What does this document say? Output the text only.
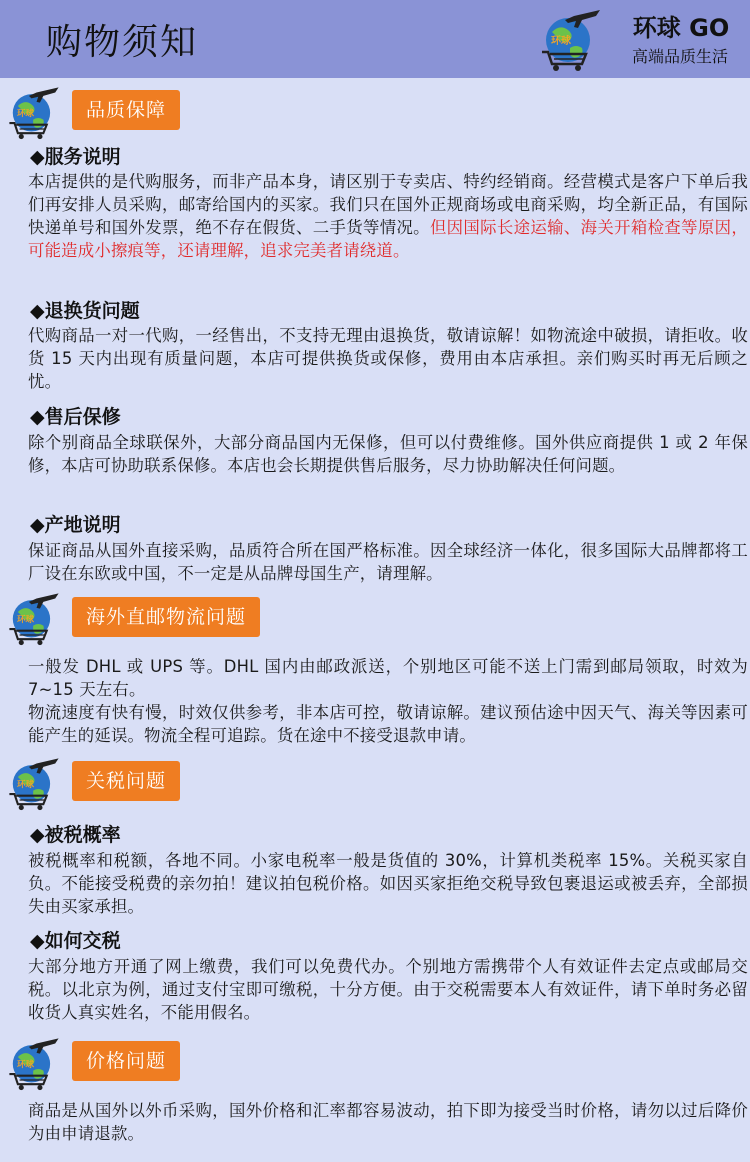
购物须知	环球 GO
高端品质生活
品质保障
◆服务说明
本店提供的是代购服务，而非产品本身，请区别于专卖店、特约经销商。经营模式是客户下单后我们再安排人员采购，邮寄给国内的买家。我们只在国外正规商场或电商采购，均全新正品，有国际快递单号和国外发票，绝不存在假货、二手货等情况。但因国际长途运输、海关开箱检查等原因，可能造成小擦痕等，还请理解，追求完美者请绕道。
◆退换货问题
代购商品一对一代购，一经售出，不支持无理由退换货，敬请谅解！如物流途中破损，请拒收。收货 15 天内出现有质量问题，本店可提供换货或保修，费用由本店承担。亲们购买时再无后顾之忧。
◆售后保修
除个别商品全球联保外，大部分商品国内无保修，但可以付费维修。国外供应商提供 1 或 2 年保修，本店可协助联系保修。本店也会长期提供售后服务，尽力协助解决任何问题。
◆产地说明
保证商品从国外直接采购，品质符合所在国严格标准。因全球经济一体化，很多国际大品牌都将工厂设在东欧或中国，不一定是从品牌母国生产，请理解。
海外直邮物流问题
一般发 DHL 或 UPS 等。DHL 国内由邮政派送，个别地区可能不送上门需到邮局领取，时效为 7~15 天左右。
物流速度有快有慢，时效仅供参考，非本店可控，敬请谅解。建议预估途中因天气、海关等因素可能产生的延误。物流全程可追踪。货在途中不接受退款申请。
关税问题
◆被税概率
被税概率和税额，各地不同。小家电税率一般是货值的 30%，计算机类税率 15%。关税买家自负。不能接受税费的亲勿拍！建议拍包税价格。如因买家拒绝交税导致包裹退运或被丢弃，全部损失由买家承担。
◆如何交税
大部分地方开通了网上缴费，我们可以免费代办。个别地方需携带个人有效证件去定点或邮局交税。以北京为例，通过支付宝即可缴税，十分方便。由于交税需要本人有效证件，请下单时务必留收货人真实姓名，不能用假名。
价格问题
商品是从国外以外币采购，国外价格和汇率都容易波动，拍下即为接受当时价格，请勿以过后降价为由申请退款。
